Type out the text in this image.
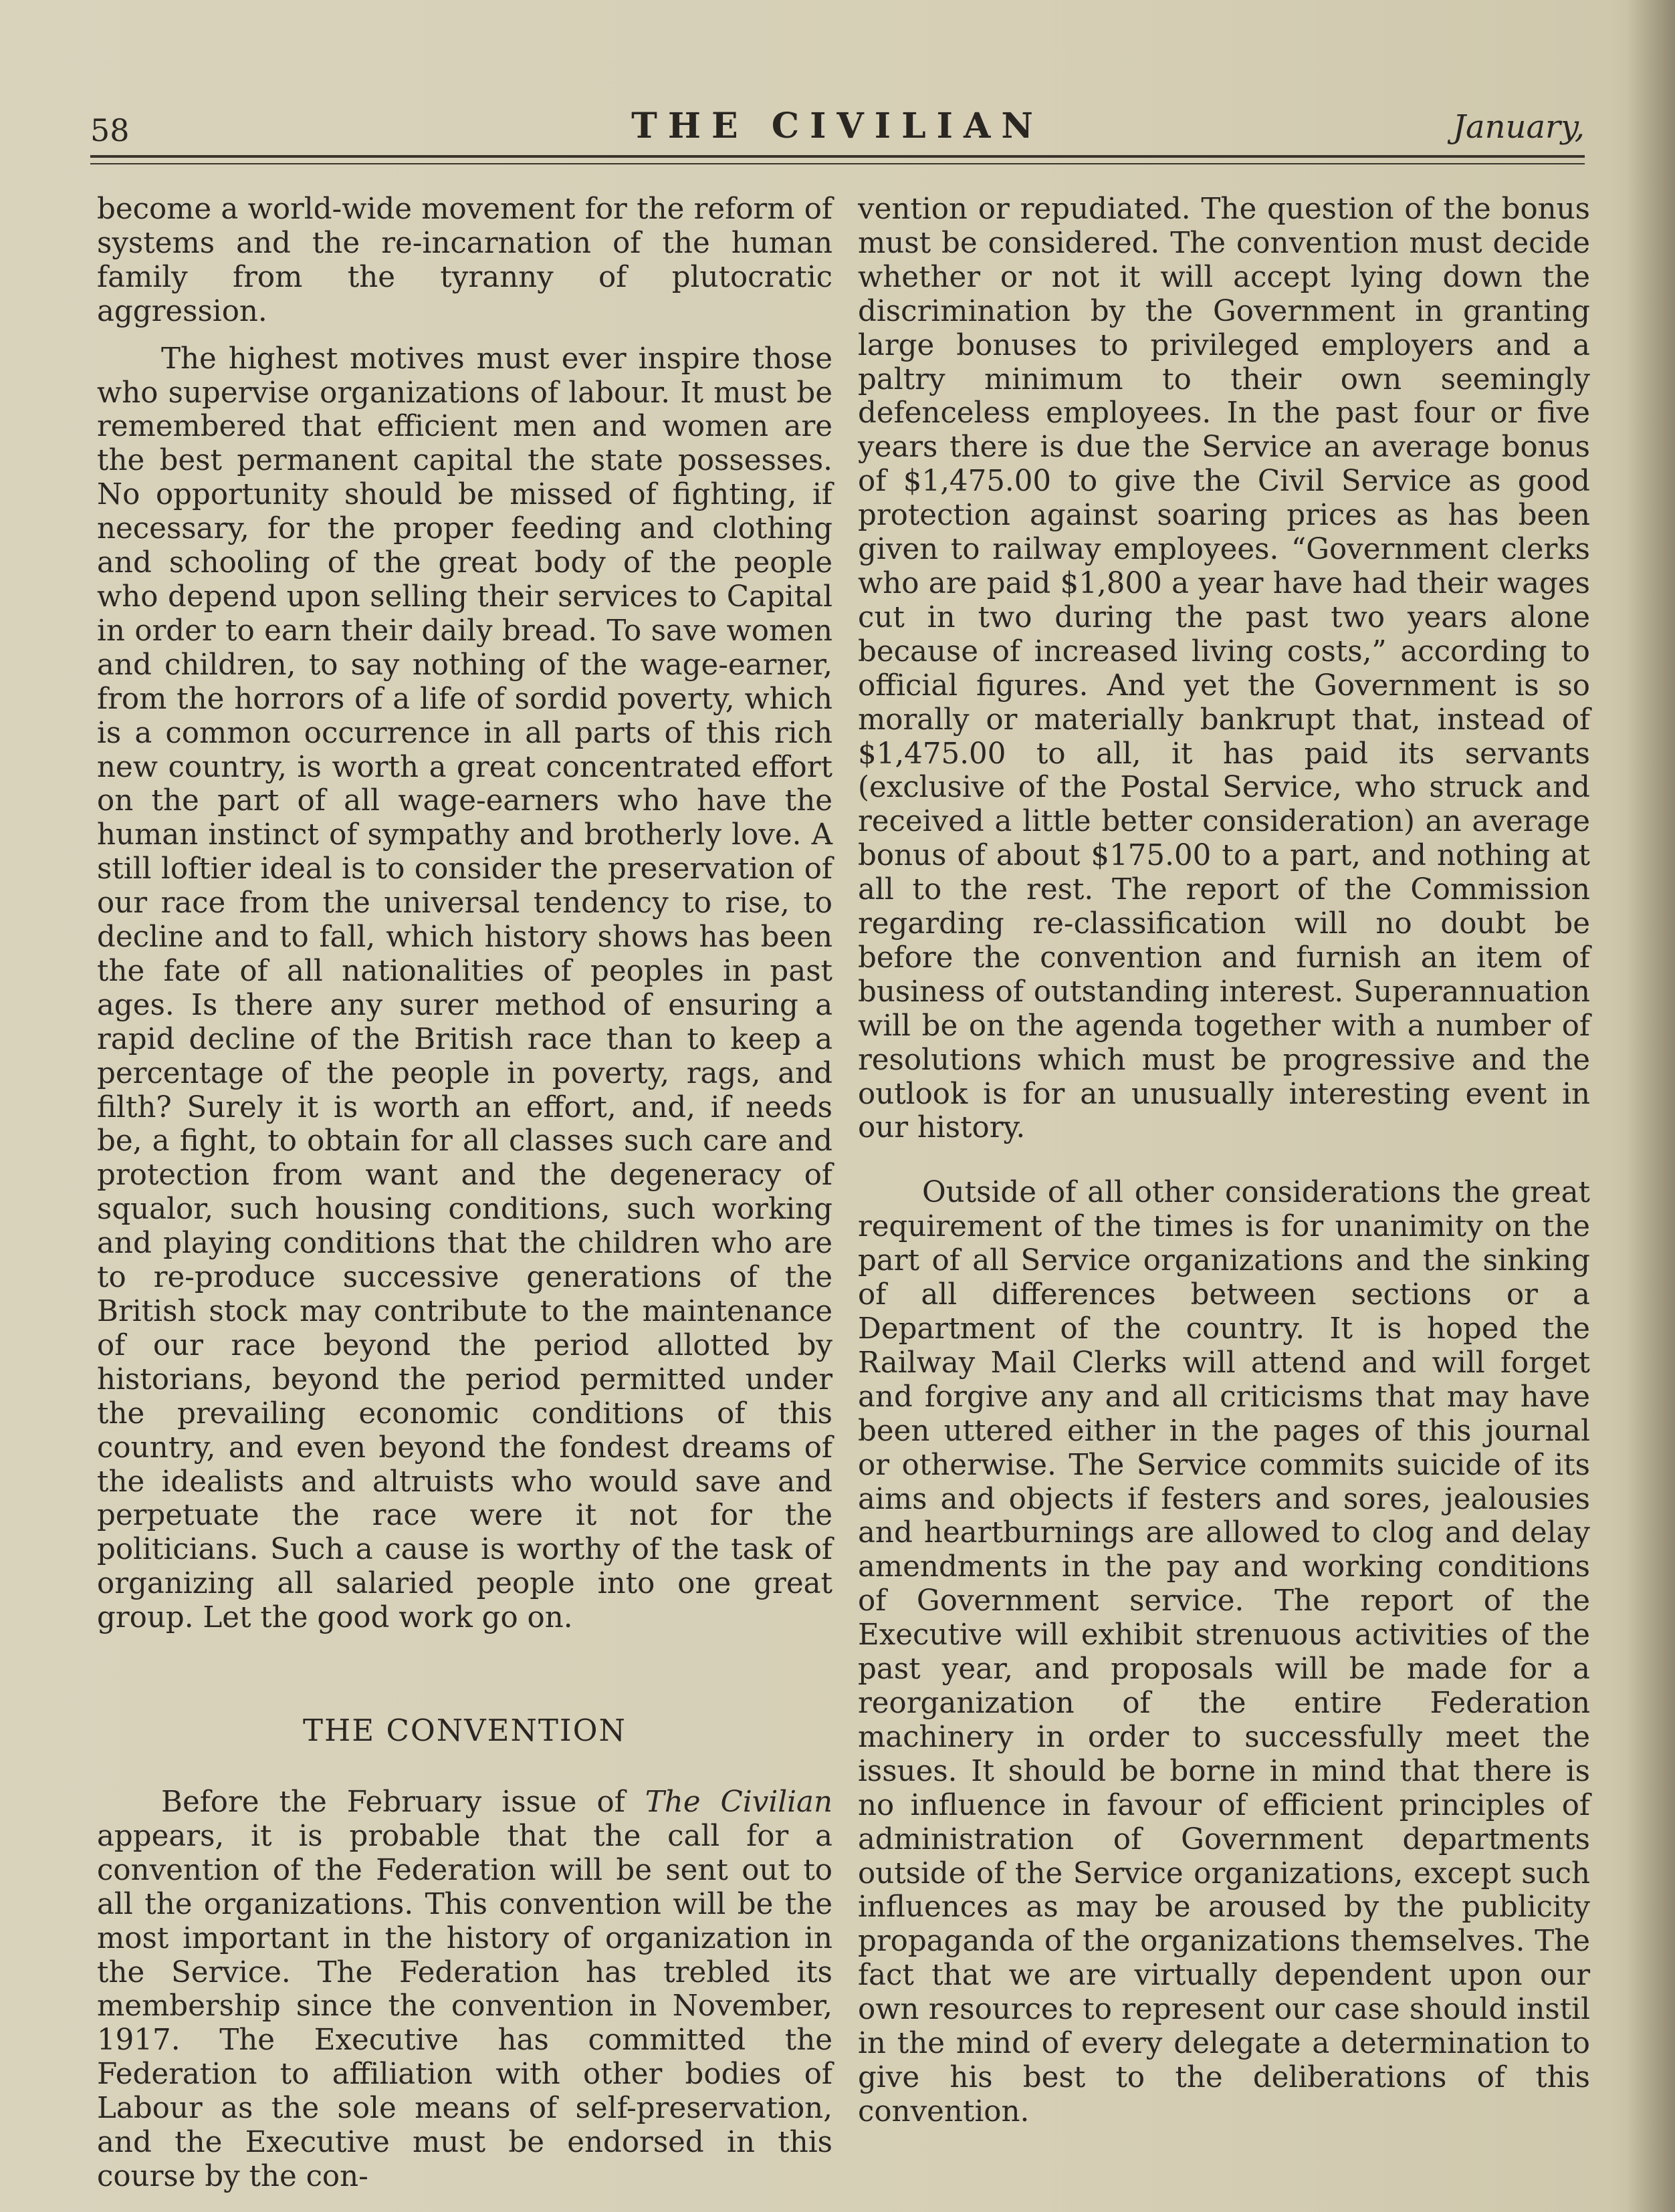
58	THE CIVILIAN	January,

become a world-wide movement for the reform of systems and the re-incarnation of the human family from the tyranny of plutocratic aggression.

The highest motives must ever inspire those who supervise organizations of labour. It must be remembered that efficient men and women are the best permanent capital the state possesses. No opportunity should be missed of fighting, if necessary, for the proper feeding and clothing and schooling of the great body of the people who depend upon selling their services to Capital in order to earn their daily bread. To save women and children, to say nothing of the wage-earner, from the horrors of a life of sordid poverty, which is a common occurrence in all parts of this rich new country, is worth a great concentrated effort on the part of all wage-earners who have the human instinct of sympathy and brotherly love. A still loftier ideal is to consider the preservation of our race from the universal tendency to rise, to decline and to fall, which history shows has been the fate of all nationalities of peoples in past ages. Is there any surer method of ensuring a rapid decline of the British race than to keep a percentage of the people in poverty, rags, and filth? Surely it is worth an effort, and, if needs be, a fight, to obtain for all classes such care and protection from want and the degeneracy of squalor, such housing conditions, such working and playing conditions that the children who are to re-produce successive generations of the British stock may contribute to the maintenance of our race beyond the period allotted by historians, beyond the period permitted under the prevailing economic conditions of this country, and even beyond the fondest dreams of the idealists and altruists who would save and perpetuate the race were it not for the politicians. Such a cause is worthy of the task of organizing all salaried people into one great group. Let the good work go on.

THE CONVENTION

Before the February issue of The Civilian appears, it is probable that the call for a convention of the Federation will be sent out to all the organizations. This convention will be the most important in the history of organization in the Service. The Federation has trebled its membership since the convention in November, 1917. The Executive has committed the Federation to affiliation with other bodies of Labour as the sole means of self-preservation, and the Executive must be endorsed in this course by the con-

vention or repudiated. The question of the bonus must be considered. The convention must decide whether or not it will accept lying down the discrimination by the Government in granting large bonuses to privileged employers and a paltry minimum to their own seemingly defenceless employees. In the past four or five years there is due the Service an average bonus of $1,475.00 to give the Civil Service as good protection against soaring prices as has been given to railway employees. “Government clerks who are paid $1,800 a year have had their wages cut in two during the past two years alone because of increased living costs,” according to official figures. And yet the Government is so morally or materially bankrupt that, instead of $1,475.00 to all, it has paid its servants (exclusive of the Postal Service, who struck and received a little better consideration) an average bonus of about $175.00 to a part, and nothing at all to the rest. The report of the Commission regarding re-classification will no doubt be before the convention and furnish an item of business of outstanding interest. Superannuation will be on the agenda together with a number of resolutions which must be progressive and the outlook is for an unusually interesting event in our history.

Outside of all other considerations the great requirement of the times is for unanimity on the part of all Service organizations and the sinking of all differences between sections or a Department of the country. It is hoped the Railway Mail Clerks will attend and will forget and forgive any and all criticisms that may have been uttered either in the pages of this journal or otherwise. The Service commits suicide of its aims and objects if festers and sores, jealousies and heartburnings are allowed to clog and delay amendments in the pay and working conditions of Government service. The report of the Executive will exhibit strenuous activities of the past year, and proposals will be made for a reorganization of the entire Federation machinery in order to successfully meet the issues. It should be borne in mind that there is no influence in favour of efficient principles of administration of Government departments outside of the Service organizations, except such influences as may be aroused by the publicity propaganda of the organizations themselves. The fact that we are virtually dependent upon our own resources to represent our case should instil in the mind of every delegate a determination to give his best to the deliberations of this convention.
